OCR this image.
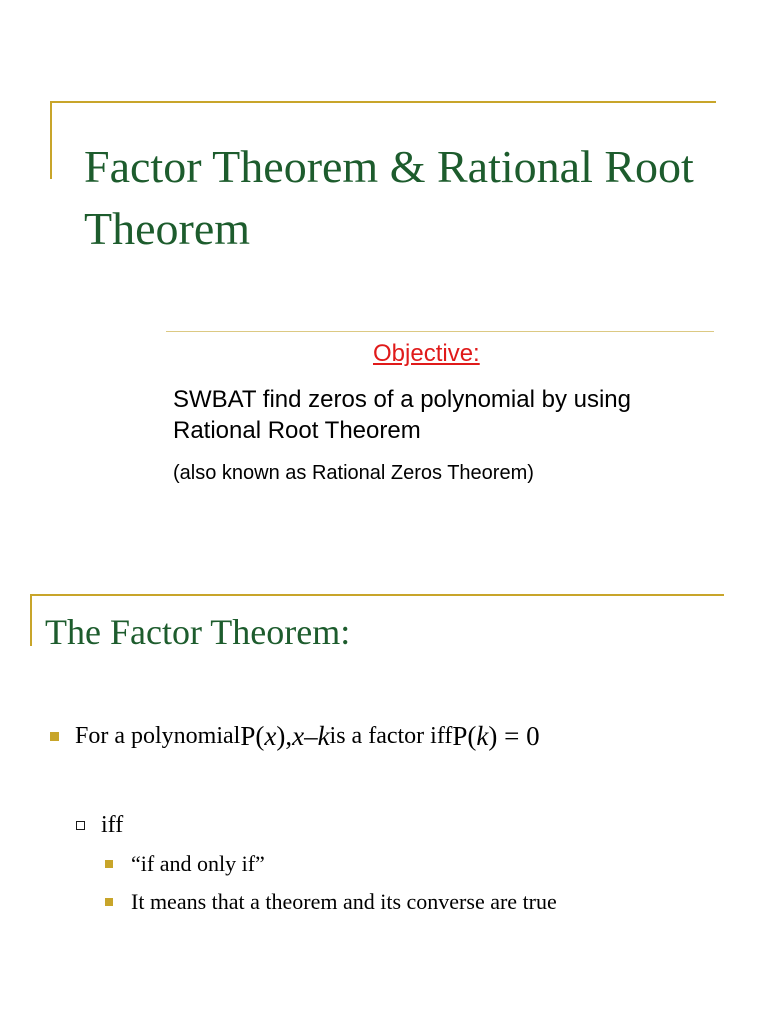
Factor Theorem & Rational Root Theorem
Objective:
SWBAT find zeros of a polynomial by using Rational Root Theorem
(also known as Rational Zeros Theorem)
The Factor Theorem:
For a polynomial P( x ), x – k is a factor iff P( k ) = 0
iff
“if and only if”
It means that a theorem and its converse are true
